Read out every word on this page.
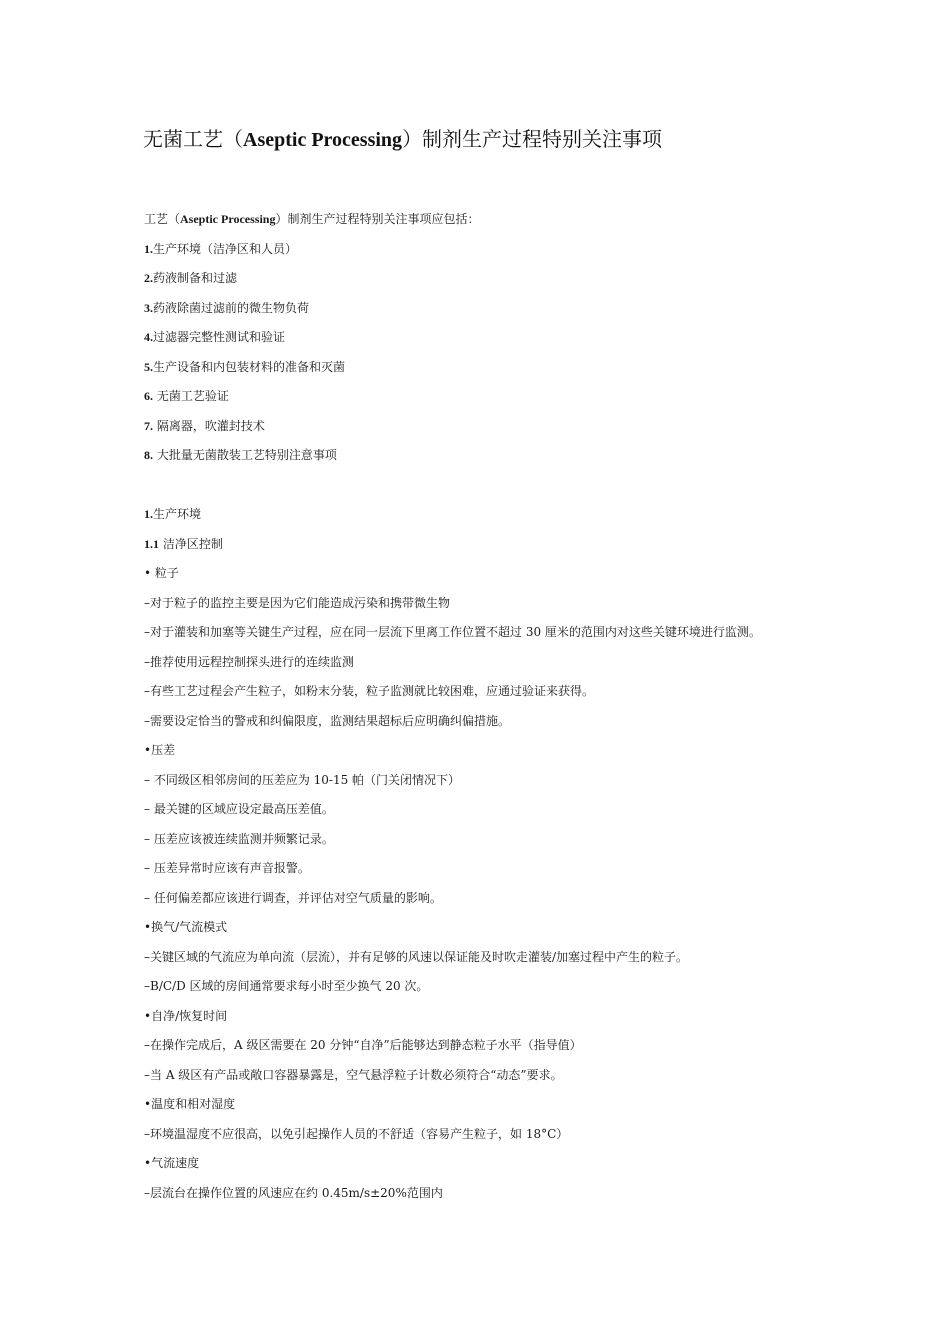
无菌工艺（Aseptic Processing）制剂生产过程特别关注事项
工艺（Aseptic Processing）制剂生产过程特别关注事项应包括：
1.生产环境（洁净区和人员）
2.药液制备和过滤
3.药液除菌过滤前的微生物负荷
4.过滤器完整性测试和验证
5.生产设备和内包装材料的准备和灭菌
6. 无菌工艺验证
7. 隔离器，吹灌封技术
8. 大批量无菌散装工艺特别注意事项
1.生产环境
1.1 洁净区控制
• 粒子
–对于粒子的监控主要是因为它们能造成污染和携带微生物
–对于灌装和加塞等关键生产过程，应在同一层流下里离工作位置不超过 30 厘米的范围内对这些关键环境进行监测。
–推荐使用远程控制探头进行的连续监测
–有些工艺过程会产生粒子，如粉末分装，粒子监测就比较困难，应通过验证来获得。
–需要设定恰当的警戒和纠偏限度，监测结果超标后应明确纠偏措施。
•压差
– 不同级区相邻房间的压差应为 10-15 帕（门关闭情况下）
– 最关键的区域应设定最高压差值。
– 压差应该被连续监测并频繁记录。
– 压差异常时应该有声音报警。
– 任何偏差都应该进行调查，并评估对空气质量的影响。
•换气/气流模式
–关键区域的气流应为单向流（层流），并有足够的风速以保证能及时吹走灌装/加塞过程中产生的粒子。
–B/C/D 区域的房间通常要求每小时至少换气 20 次。
•自净/恢复时间
–在操作完成后，A 级区需要在 20 分钟“自净”后能够达到静态粒子水平（指导值）
–当 A 级区有产品或敞口容器暴露是，空气悬浮粒子计数必须符合“动态”要求。
•温度和相对湿度
–环境温湿度不应很高，以免引起操作人员的不舒适（容易产生粒子，如 18°C）
•气流速度
–层流台在操作位置的风速应在约 0.45m/s±20%范围内
